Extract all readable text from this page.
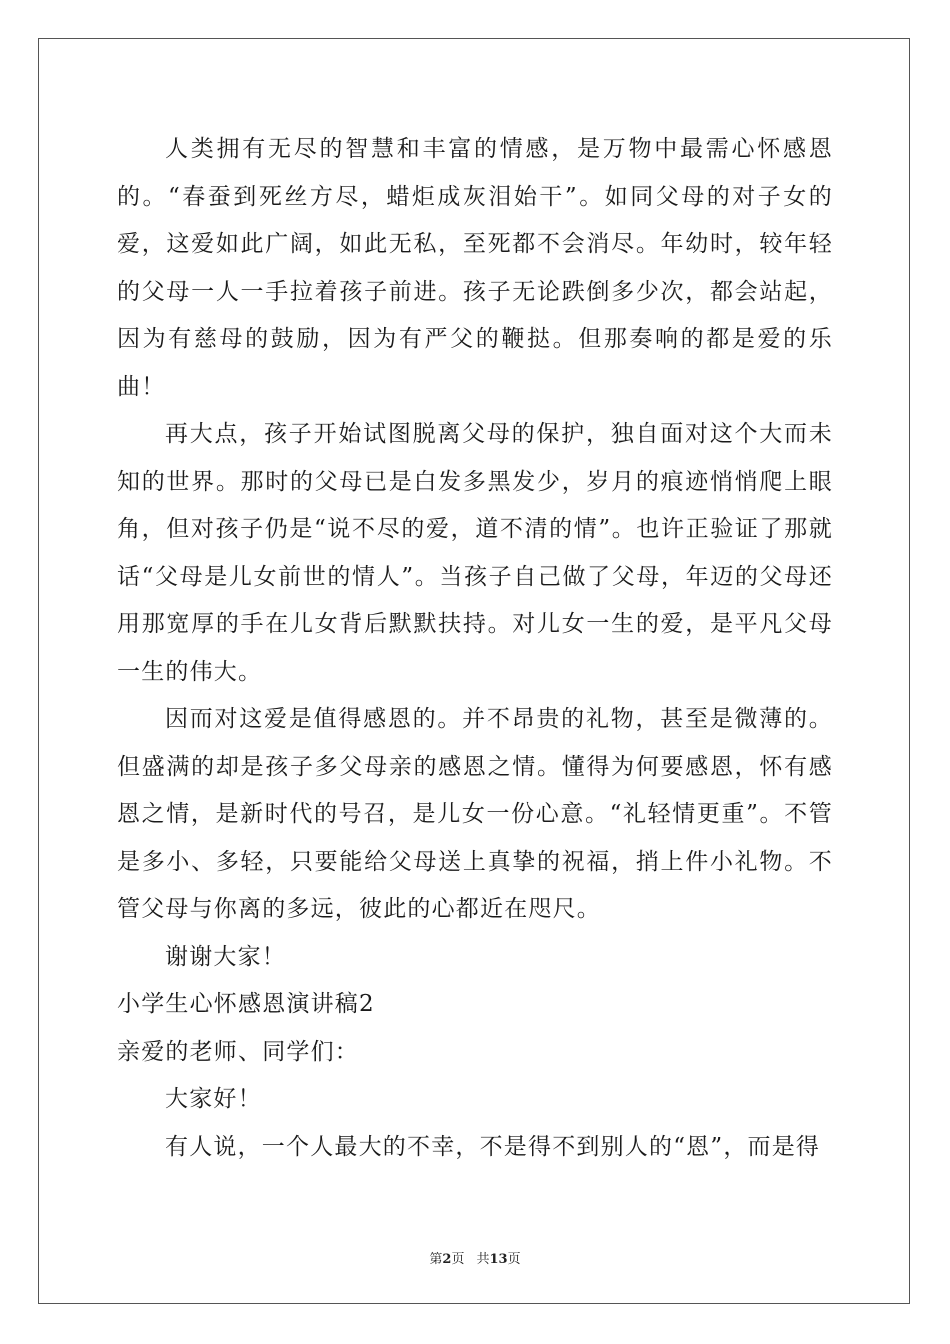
人类拥有无尽的智慧和丰富的情感，是万物中最需心怀感恩的。“春蚕到死丝方尽，蜡炬成灰泪始干”。如同父母的对子女的爱，这爱如此广阔，如此无私，至死都不会消尽。年幼时，较年轻的父母一人一手拉着孩子前进。孩子无论跌倒多少次，都会站起，因为有慈母的鼓励，因为有严父的鞭挞。但那奏响的都是爱的乐曲！

再大点，孩子开始试图脱离父母的保护，独自面对这个大而未知的世界。那时的父母已是白发多黑发少，岁月的痕迹悄悄爬上眼角，但对孩子仍是“说不尽的爱，道不清的情”。也许正验证了那就话“父母是儿女前世的情人”。当孩子自己做了父母，年迈的父母还用那宽厚的手在儿女背后默默扶持。对儿女一生的爱，是平凡父母一生的伟大。

因而对这爱是值得感恩的。并不昂贵的礼物，甚至是微薄的。但盛满的却是孩子多父母亲的感恩之情。懂得为何要感恩，怀有感恩之情，是新时代的号召，是儿女一份心意。“礼轻情更重”。不管是多小、多轻，只要能给父母送上真挚的祝福，捎上件小礼物。不管父母与你离的多远，彼此的心都近在咫尺。

谢谢大家！

小学生心怀感恩演讲稿2

亲爱的老师、同学们：

大家好！

有人说，一个人最大的不幸，不是得不到别人的“恩”，而是得

第2页 共13页
